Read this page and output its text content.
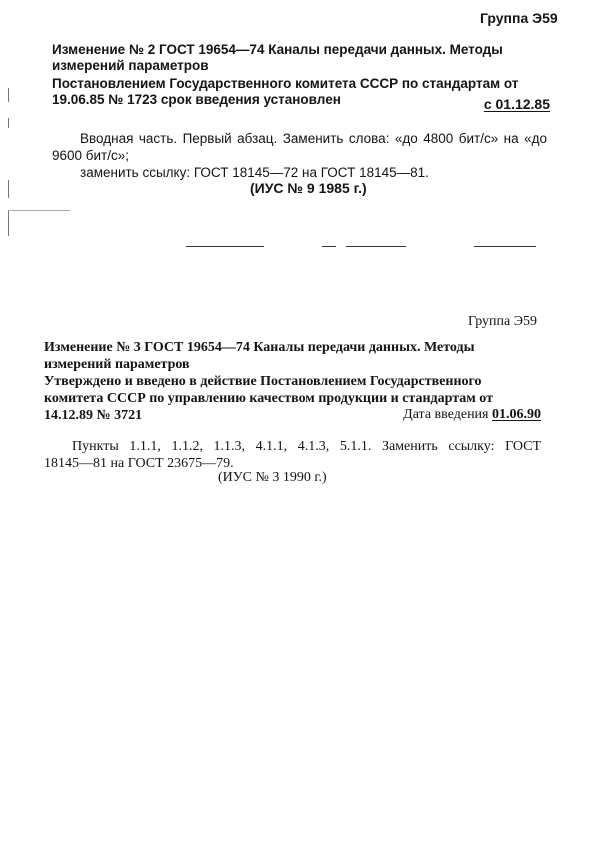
Группа Э59
Изменение № 2 ГОСТ 19654—74 Каналы передачи данных. Методы измерений параметров
Постановлением Государственного комитета СССР по стандартам от 19.06.85 № 1723 срок введения установлен	с 01.12.85
Вводная часть. Первый абзац. Заменить слова: «до 4800 бит/с» на «до
9600 бит/с»;
заменить ссылку: ГОСТ 18145—72 на ГОСТ 18145—81.
(ИУС № 9 1985 г.)
Группа Э59
Изменение № 3 ГОСТ 19654—74 Каналы передачи данных. Методы измерений параметров
Утверждено и введено в действие Постановлением Государственного комитета СССР по управлению качеством продукции и стандартам от 14.12.89 № 3721	Дата введения 01.06.90
Пункты 1.1.1, 1.1.2, 1.1.3, 4.1.1, 4.1.3, 5.1.1. Заменить ссылку: ГОСТ
18145—81 на ГОСТ 23675—79.
(ИУС № 3 1990 г.)
